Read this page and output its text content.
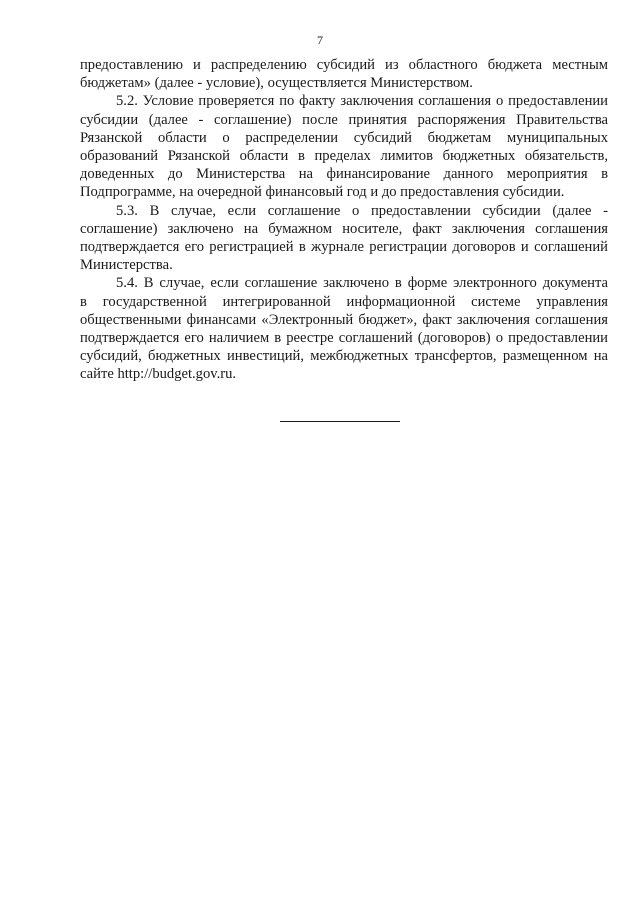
7

предоставлению и распределению субсидий из областного бюджета местным
бюджетам» (далее - условие), осуществляется Министерством.

5.2. Условие проверяется по факту заключения соглашения о предоставлении
субсидии (далее - соглашение) после принятия распоряжения Правительства
Рязанской области о распределении субсидий бюджетам муниципальных
образований Рязанской области в пределах лимитов бюджетных обязательств,
доведенных до Министерства на финансирование данного мероприятия в
Подпрограмме, на очередной финансовый год и до предоставления субсидии.

5.3. В случае, если соглашение о предоставлении субсидии (далее -
соглашение) заключено на бумажном носителе, факт заключения соглашения
подтверждается его регистрацией в журнале регистрации договоров и соглашений
Министерства.

5.4. В случае, если соглашение заключено в форме электронного документа
в государственной интегрированной информационной системе управления
общественными финансами «Электронный бюджет», факт заключения соглашения
подтверждается его наличием в реестре соглашений (договоров) о предоставлении
субсидий, бюджетных инвестиций, межбюджетных трансфертов, размещенном на
сайте http://budget.gov.ru.
